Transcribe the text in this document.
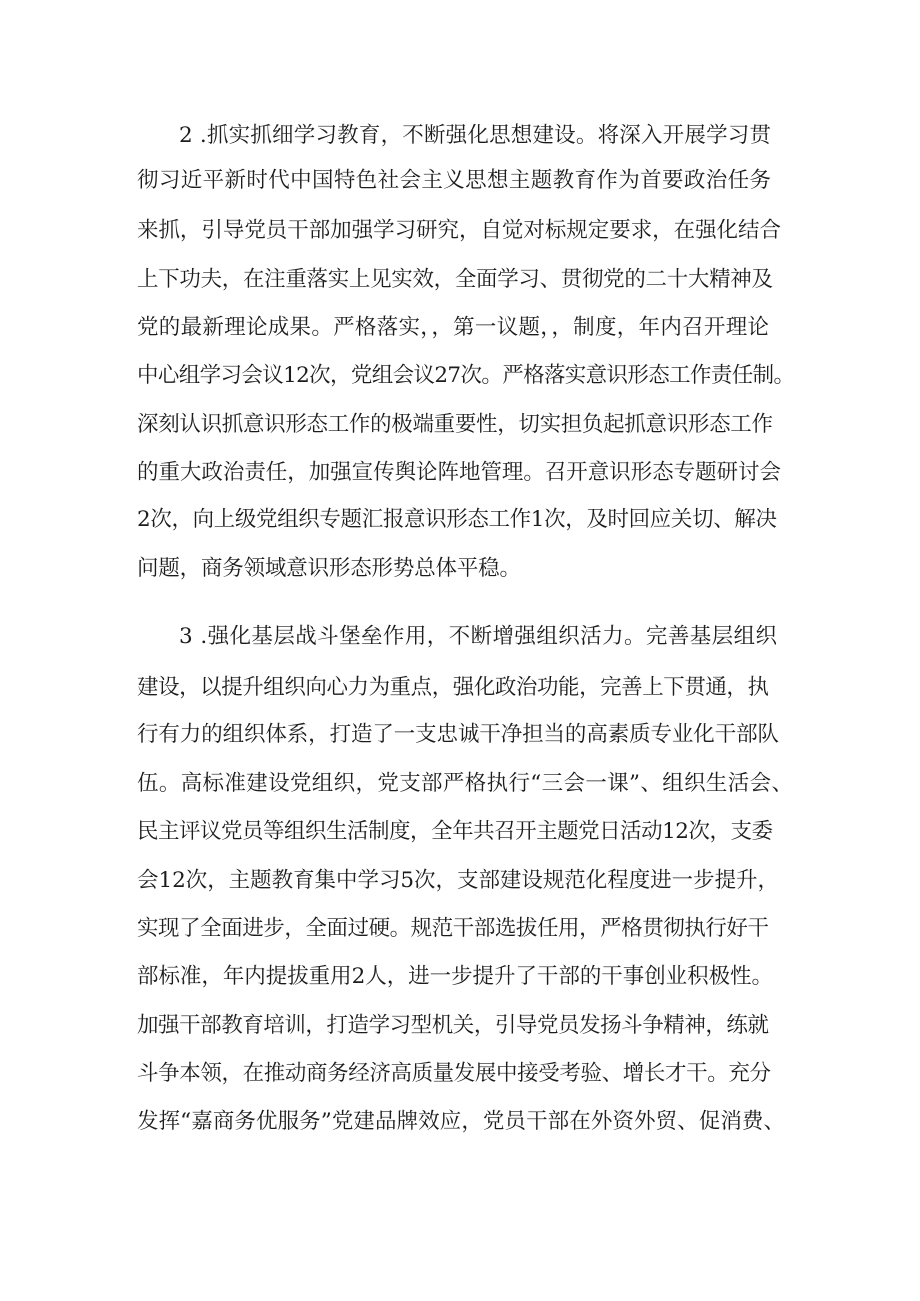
2 .抓实抓细学习教育，不断强化思想建设。将深入开展学习贯
彻习近平新时代中国特色社会主义思想主题教育作为首要政治任务
来抓，引导党员干部加强学习研究，自觉对标规定要求，在强化结合
上下功夫，在注重落实上见实效，全面学习、贯彻党的二十大精神及
党的最新理论成果。严格落实，，第一议题，，制度，年内召开理论
中心组学习会议12次，党组会议27次。严格落实意识形态工作责任制。
深刻认识抓意识形态工作的极端重要性，切实担负起抓意识形态工作
的重大政治责任，加强宣传舆论阵地管理。召开意识形态专题研讨会
2次，向上级党组织专题汇报意识形态工作1次，及时回应关切、解决
问题，商务领域意识形态形势总体平稳。
3 .强化基层战斗堡垒作用，不断增强组织活力。完善基层组织
建设，以提升组织向心力为重点，强化政治功能，完善上下贯通，执
行有力的组织体系，打造了一支忠诚干净担当的高素质专业化干部队
伍。高标准建设党组织，党支部严格执行“三会一课”、组织生活会、
民主评议党员等组织生活制度，全年共召开主题党日活动12次，支委
会12次，主题教育集中学习5次，支部建设规范化程度进一步提升，
实现了全面进步，全面过硬。规范干部选拔任用，严格贯彻执行好干
部标准，年内提拔重用2人，进一步提升了干部的干事创业积极性。
加强干部教育培训，打造学习型机关，引导党员发扬斗争精神，练就
斗争本领，在推动商务经济高质量发展中接受考验、增长才干。充分
发挥“嘉商务优服务”党建品牌效应，党员干部在外资外贸、促消费、
